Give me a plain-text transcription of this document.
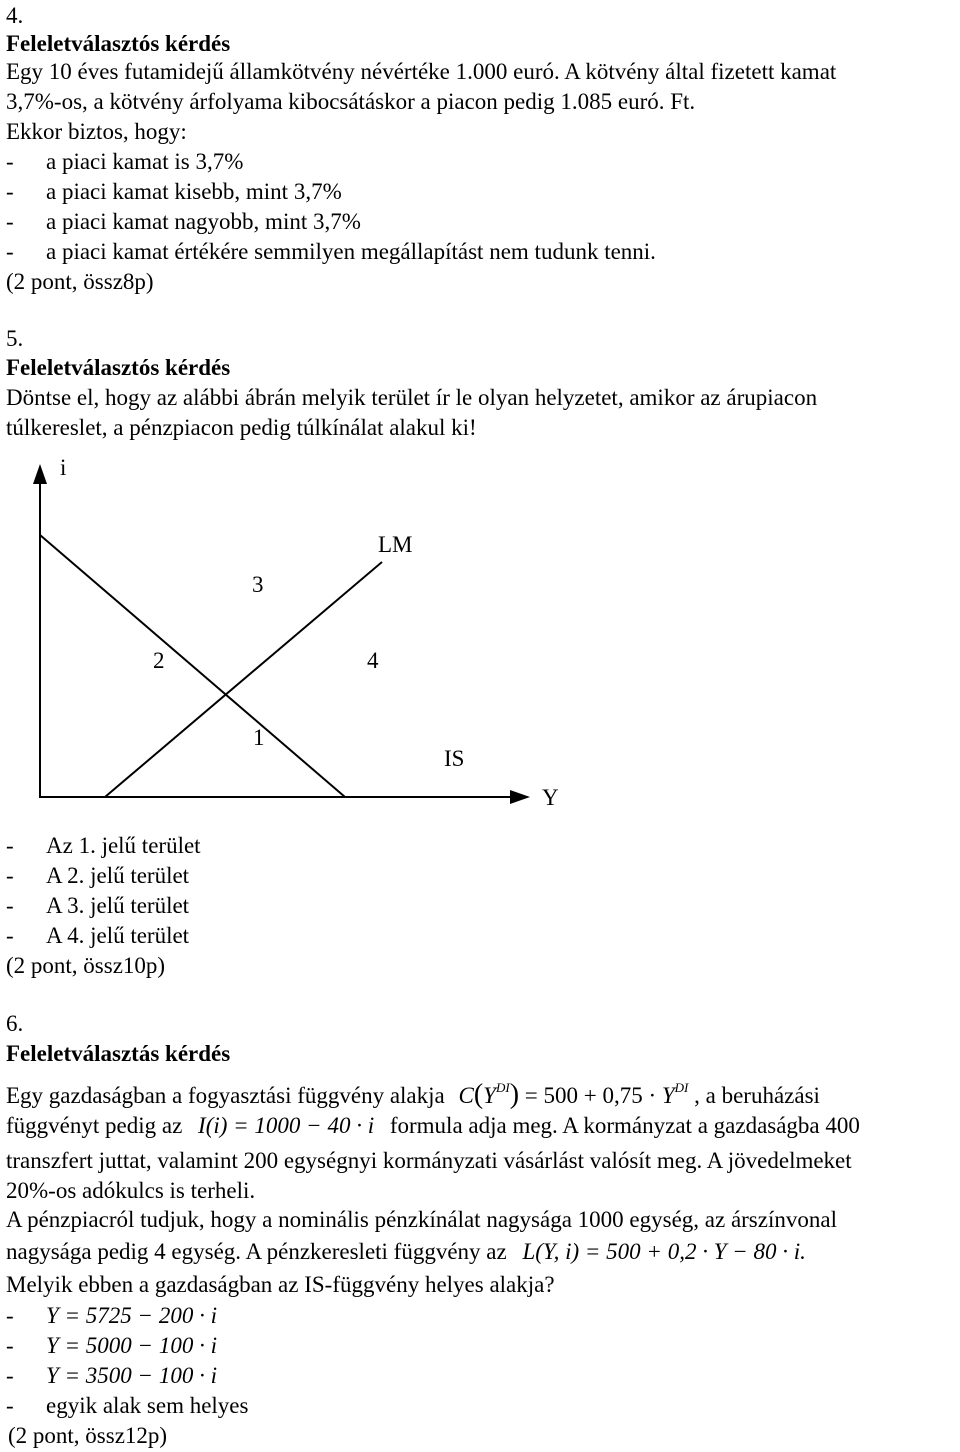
4.
Feleletválasztós kérdés
Egy 10 éves futamidejű államkötvény névértéke 1.000 euró. A kötvény által fizetett kamat
3,7%-os, a kötvény árfolyama kibocsátáskor a piacon pedig 1.085 euró. Ft.
Ekkor biztos, hogy:
- a piaci kamat is 3,7%
- a piaci kamat kisebb, mint 3,7%
- a piaci kamat nagyobb, mint 3,7%
- a piaci kamat értékére semmilyen megállapítást nem tudunk tenni.
(2 pont, össz8p)
5.
Feleletválasztós kérdés
Döntse el, hogy az alábbi ábrán melyik terület ír le olyan helyzetet, amikor az árupiacon
túlkereslet, a pénzpiacon pedig túlkínálat alakul ki!
i
Y
LM
IS
1
2
3
4
- Az 1. jelű terület
- A 2. jelű terület
- A 3. jelű terület
- A 4. jelű terület
(2 pont, össz10p)
6.
Feleletválasztás kérdés
Egy gazdaságban a fogyasztási függvény alakja $C(Y^{DI}) = 500 + 0,75 \cdot Y^{DI}$ , a beruházási
függvényt pedig az I(i) = 1000 − 40 · i formula adja meg. A kormányzat a gazdaságba 400
transzfert juttat, valamint 200 egységnyi kormányzati vásárlást valósít meg. A jövedelmeket
20%-os adókulcs is terheli.
A pénzpiacról tudjuk, hogy a nominális pénzkínálat nagysága 1000 egység, az árszínvonal
nagysága pedig 4 egység. A pénzkeresleti függvény az L(Y, i) = 500 + 0,2 · Y − 80 · i.
Melyik ebben a gazdaságban az IS-függvény helyes alakja?
- Y = 5725 − 200 · i
- Y = 5000 − 100 · i
- Y = 3500 − 100 · i
- egyik alak sem helyes
(2 pont, össz12p)
